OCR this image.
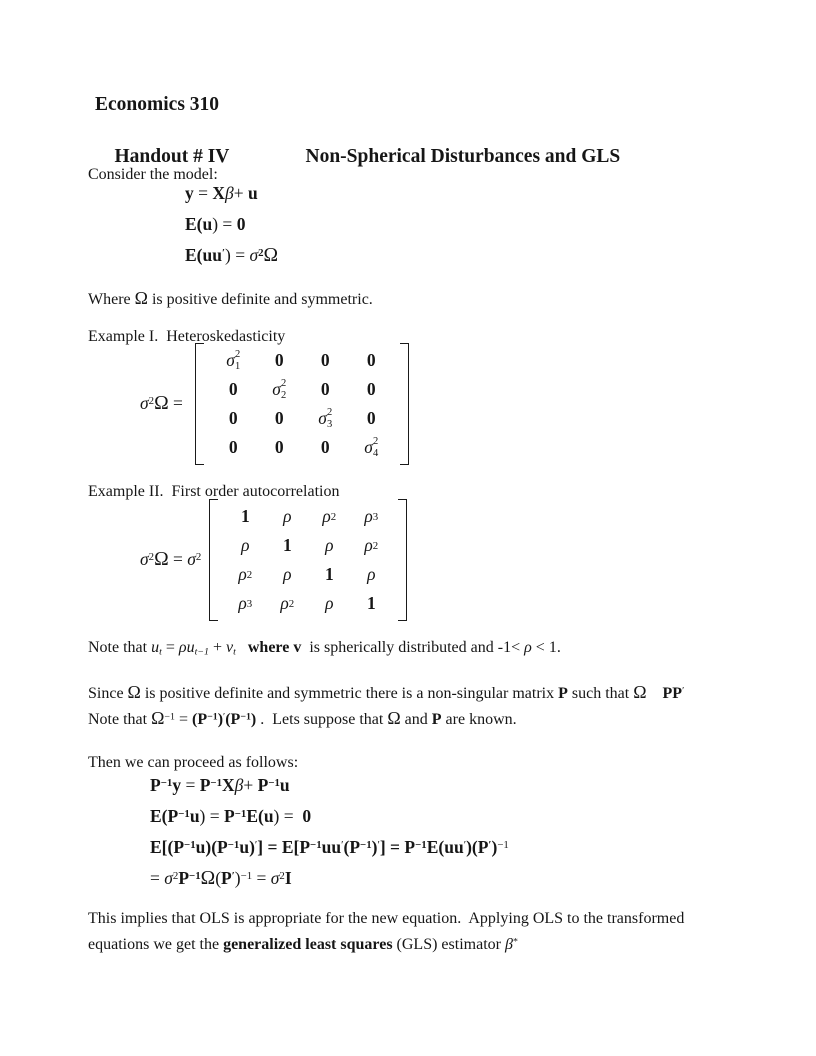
Economics 310

Handout # IV	Non-Spherical Disturbances and GLS

Consider the model:
y = Xβ+ u
E(u) = 0
$E(uu') = \sigma^2\Omega$
Where Ω is positive definite and symmetric.
Example I.  Heteroskedasticity
$\sigma^2\Omega$ =
σ 2
1 0 0 0
0 σ 2
2 0 0
0 0 σ 2
3 0
0 0 0 σ 2
4
Example II.  First order autocorrelation
$\sigma^2\Omega = \sigma^2$
1 ρ ρ 2 ρ 3
ρ 1 ρ ρ 2
ρ 2 ρ 1 ρ
ρ 3 ρ 2 ρ 1
Note that $u_t = \rho u_{t-1} + \nu_t$ where v  is spherically distributed and -1< ρ < 1.
Since Ω is positive definite and symmetric there is a non-singular matrix P such that Ω PP′
Note that $\Omega^{-1} = (P^{-1})'(P^{-1})$ .  Lets suppose that Ω and P are known.
Then we can proceed as follows:
$P^{-1}y = P^{-1}X\beta+ P^{-1}u$
$E(P^{-1}u) = P^{-1}E(u) = 0$
$E[(P^{-1}u)(P^{-1}u)'] = E[P^{-1}uu'(P^{-1})'] = P^{-1}E(uu')(P')^{-1}$
= $\sigma^2P^{-1}\Omega(P')^{-1} = \sigma^2I$
This implies that OLS is appropriate for the new equation.  Applying OLS to the transformed
equations we get the generalized least squares (GLS) estimator β*
